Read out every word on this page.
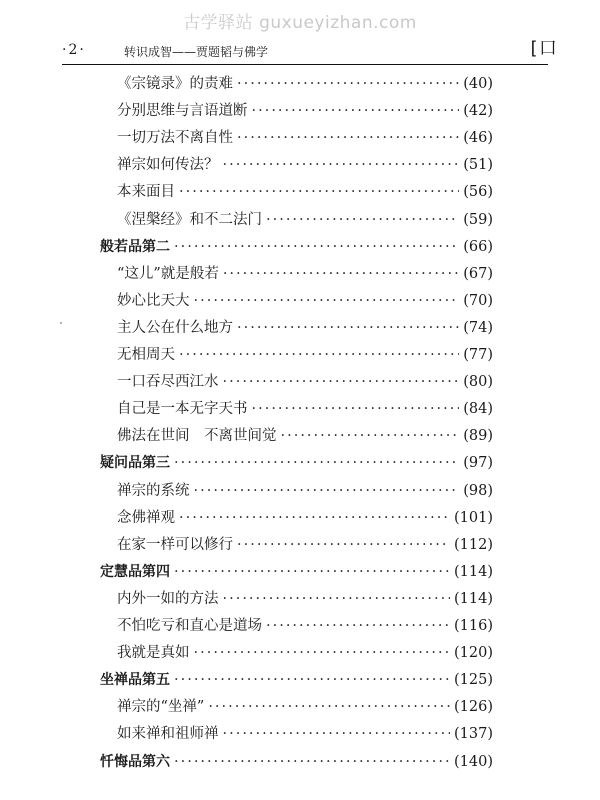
古学驿站 guxueyizhan.com
·2·	转识成智——贾题韬与佛学	[口
《宗镜录》的责难 ·····	(40)
分别思维与言语道断 ·····	(42)
一切万法不离自性 ·····	(46)
禅宗如何传法？ ·····	(51)
本来面目 ·····	(56)
《涅槃经》和不二法门 ·····	(59)
般若品第二 ·····	(66)
“这儿”就是般若 ·····	(67)
妙心比天大 ·····	(70)
主人公在什么地方 ·····	(74)
无相周天 ·····	(77)
一口吞尽西江水 ·····	(80)
自己是一本无字天书 ·····	(84)
佛法在世间　不离世间觉 ·····	(89)
疑问品第三 ·····	(97)
禅宗的系统 ·····	(98)
念佛禅观 ·····	(101)
在家一样可以修行 ·····	(112)
定慧品第四 ·····	(114)
内外一如的方法 ·····	(114)
不怕吃亏和直心是道场 ·····	(116)
我就是真如 ·····	(120)
坐禅品第五 ·····	(125)
禅宗的“坐禅” ·····	(126)
如来禅和祖师禅 ·····	(137)
忏悔品第六 ·····	(140)
